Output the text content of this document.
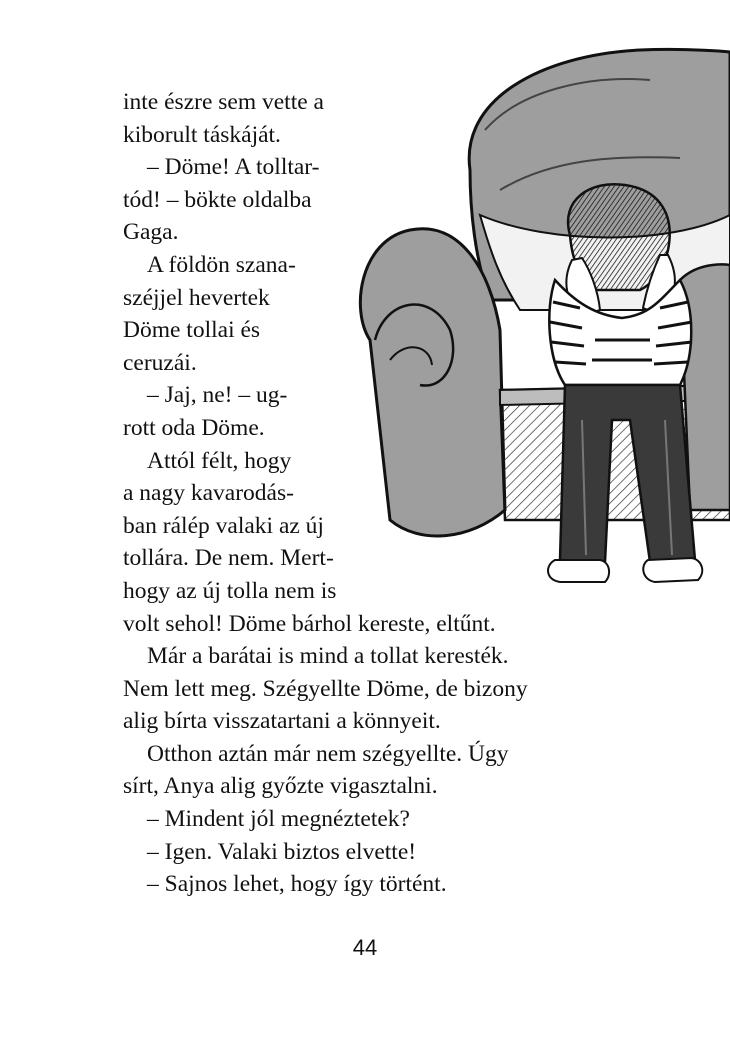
inte észre sem vette a
kiborult táskáját.
– Döme! A tolltar-
tód! – bökte oldalba
Gaga.
A földön szana-
széjjel hevertek
Döme tollai és
ceruzái.
– Jaj, ne! – ug-
rott oda Döme.
Attól félt, hogy
a nagy kavarodás-
ban rálép valaki az új
tollára. De nem. Mert-
hogy az új tolla nem is
volt sehol! Döme bárhol kereste, eltűnt.
Már a barátai is mind a tollat keresték.
Nem lett meg. Szégyellte Döme, de bizony
alig bírta visszatartani a könnyeit.
Otthon aztán már nem szégyellte. Úgy
sírt, Anya alig győzte vigasztalni.
– Mindent jól megnéztetek?
– Igen. Valaki biztos elvette!
– Sajnos lehet, hogy így történt.
44
